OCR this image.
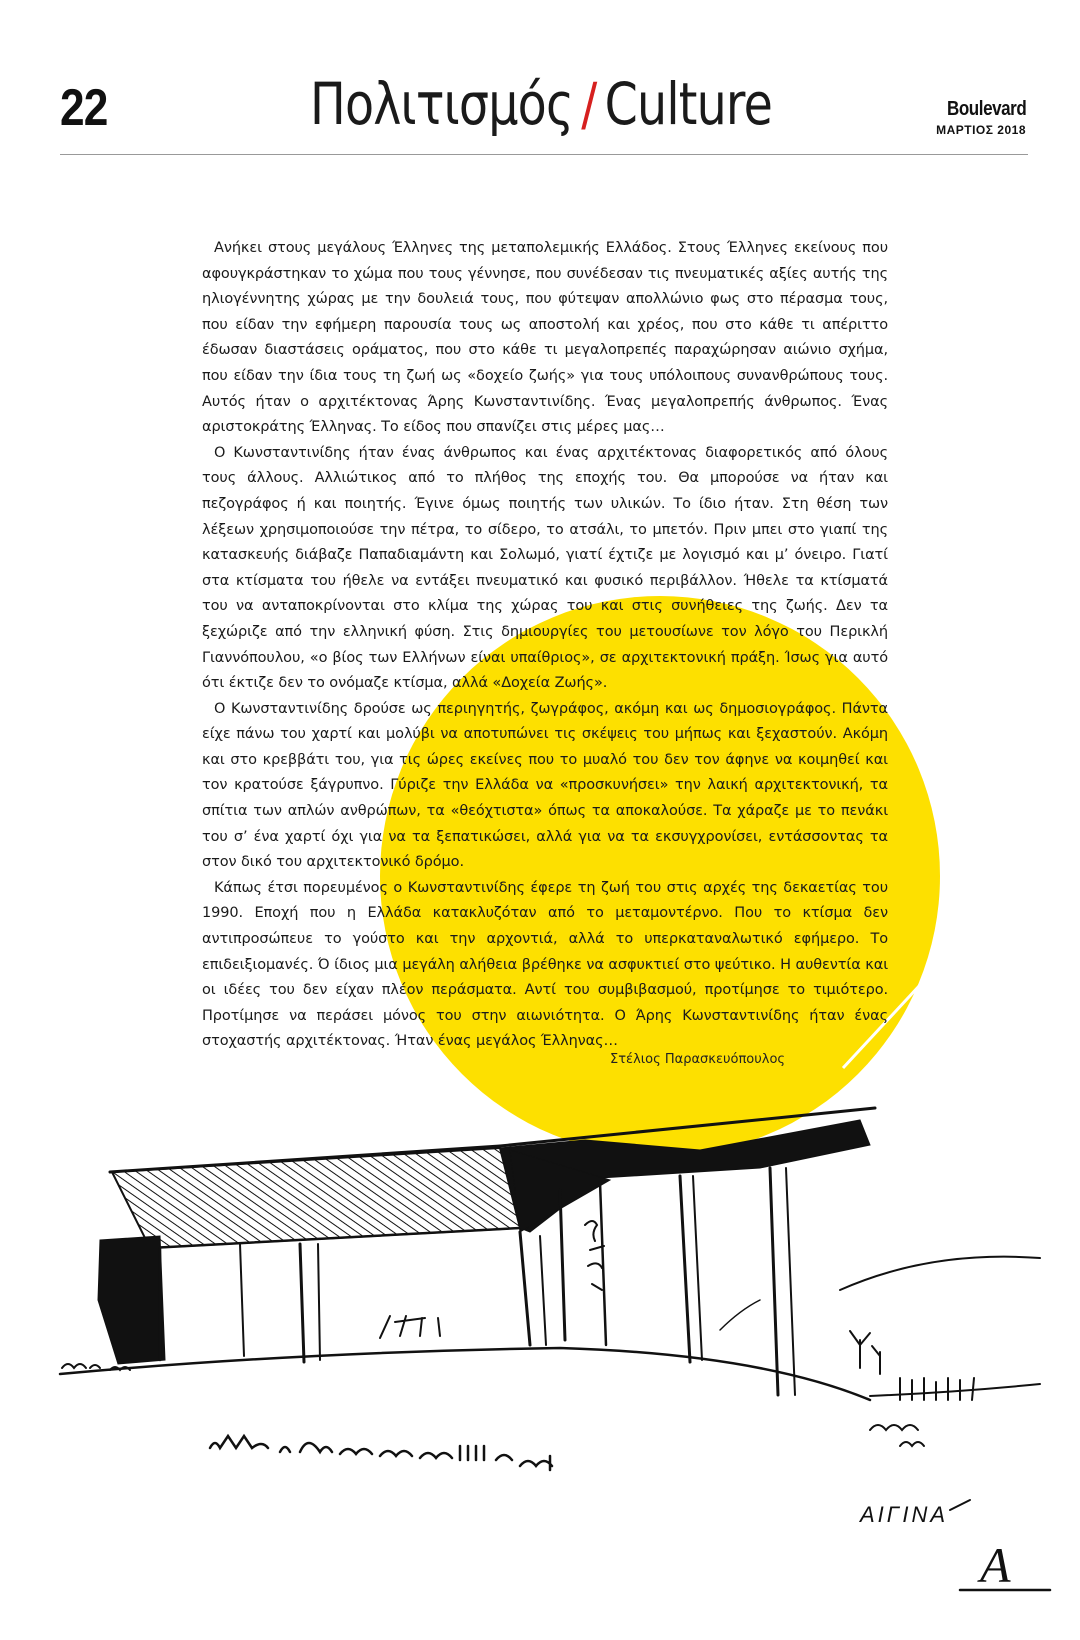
22	Πολιτισμός / Culture	Boulevard
ΜΑΡΤΙΟΣ 2018
ΑΙΓΙΝΑ
Α

Ανήκει στους μεγάλους Έλληνες της μεταπολεμικής Ελλάδος. Στους Έλληνες εκείνους που αφουγκράστηκαν το χώμα που τους γέννησε, που συνέδεσαν τις πνευματικές αξίες αυτής της ηλιογέννητης χώρας με την δουλειά τους, που φύτεψαν απολλώνιο φως στο πέρασμα τους, που είδαν την εφήμερη παρουσία τους ως αποστολή και χρέος, που στο κάθε τι απέριττο έδωσαν διαστάσεις οράματος, που στο κάθε τι μεγαλοπρεπές παραχώρησαν αιώνιο σχήμα, που είδαν την ίδια τους τη ζωή ως «δοχείο ζωής» για τους υπόλοιπους συνανθρώπους τους. Αυτός ήταν ο αρχιτέκτονας Άρης Κωνσταντινίδης. Ένας μεγαλοπρεπής άνθρωπος. Ένας αριστοκράτης Έλληνας. Το είδος που σπανίζει στις μέρες μας…

Ο Κωνσταντινίδης ήταν ένας άνθρωπος και ένας αρχιτέκτονας διαφορετικός από όλους τους άλλους. Αλλιώτικος από το πλήθος της εποχής του. Θα μπορούσε να ήταν και πεζογράφος ή και ποιητής. Έγινε όμως ποιητής των υλικών. Το ίδιο ήταν. Στη θέση των λέξεων χρησιμοποιούσε την πέτρα, το σίδερο, το ατσάλι, το μπετόν. Πριν μπει στο γιαπί της κατασκευής διάβαζε Παπαδιαμάντη και Σολωμό, γιατί έχτιζε με λογισμό και μ’ όνειρο. Γιατί στα κτίσματα του ήθελε να εντάξει πνευματικό και φυσικό περιβάλλον. Ήθελε τα κτίσματά του να ανταποκρίνονται στο κλίμα της χώρας του και στις συνήθειες της ζωής. Δεν τα ξεχώριζε από την ελληνική φύση. Στις δημιουργίες του μετουσίωνε τον λόγο του Περικλή Γιαννόπουλου, «ο βίος των Ελλήνων είναι υπαίθριος», σε αρχιτεκτονική πράξη. Ίσως για αυτό ότι έκτιζε δεν το ονόμαζε κτίσμα, αλλά «Δοχεία Ζωής».

Ο Κωνσταντινίδης δρούσε ως περιηγητής, ζωγράφος, ακόμη και ως δημοσιογράφος. Πάντα είχε πάνω του χαρτί και μολύβι να αποτυπώνει τις σκέψεις του μήπως και ξεχαστούν. Ακόμη και στο κρεββάτι του, για τις ώρες εκείνες που το μυαλό του δεν τον άφηνε να κοιμηθεί και τον κρατούσε ξάγρυπνο. Γύριζε την Ελλάδα να «προσκυνήσει» την λαική αρχιτεκτονική, τα σπίτια των απλών ανθρώπων, τα «θεόχτιστα» όπως τα αποκαλούσε. Τα χάραζε με το πενάκι του σ’ ένα χαρτί όχι για να τα ξεπατικώσει, αλλά για να τα εκσυγχρονίσει, εντάσσοντας τα στον δικό του αρχιτεκτονικό δρόμο.

Κάπως έτσι πορευμένος ο Κωνσταντινίδης έφερε τη ζωή του στις αρχές της δεκαετίας του 1990. Εποχή που η Ελλάδα κατακλυζόταν από το μεταμοντέρνο. Που το κτίσμα δεν αντιπροσώπευε το γούστο και την αρχοντιά, αλλά το υπερκαταναλωτικό εφήμερο. Το επιδειξιομανές. Ό ίδιος μια μεγάλη αλήθεια βρέθηκε να ασφυκτιεί στο ψεύτικο. Η αυθεντία και οι ιδέες του δεν είχαν πλέον περάσματα. Αντί του συμβιβασμού, προτίμησε το τιμιότερο. Προτίμησε να περάσει μόνος του στην αιωνιότητα. Ο Άρης Κωνσταντινίδης ήταν ένας στοχαστής αρχιτέκτονας. Ήταν ένας μεγάλος Έλληνας…

Στέλιος Παρασκευόπουλος
